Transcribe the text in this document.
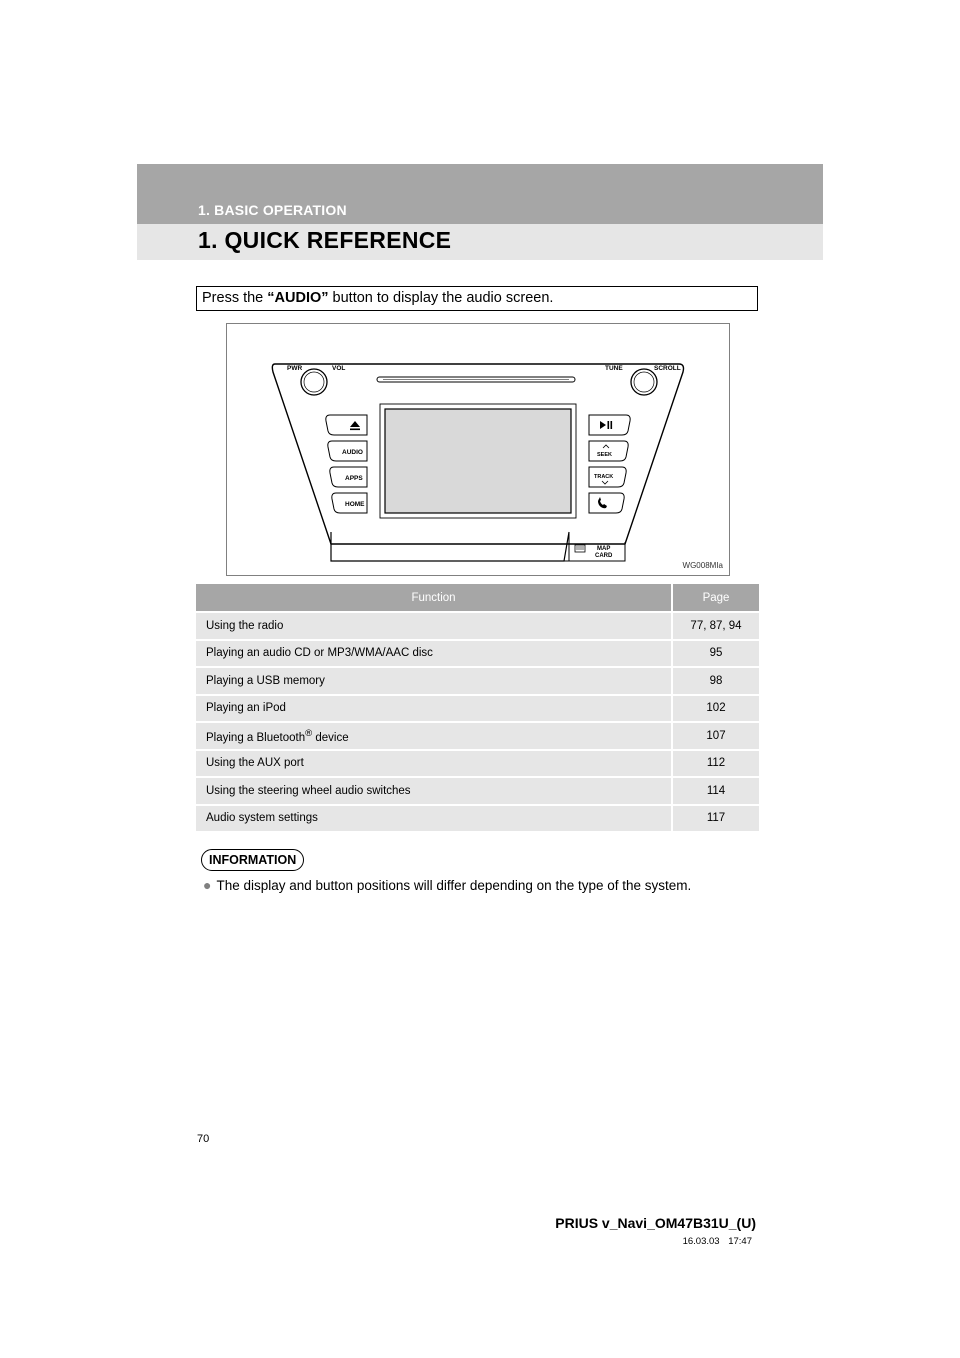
1. BASIC OPERATION
1. QUICK REFERENCE
Press the “AUDIO” button to display the audio screen.
PWR	VOL	TUNE	SCROLL
AUDIO
APPS
HOME
SEEK
TRACK
MAP
CARD
WG008MIa
Function	Page
Using the radio	77, 87, 94
Playing an audio CD or MP3/WMA/AAC disc	95
Playing a USB memory	98
Playing an iPod	102
Playing a Bluetooth® device	107
Using the AUX port	112
Using the steering wheel audio switches	114
Audio system settings	117
INFORMATION
● The display and button positions will differ depending on the type of the system.
70
PRIUS v_Navi_OM47B31U_(U)
16.03.03 17:47
